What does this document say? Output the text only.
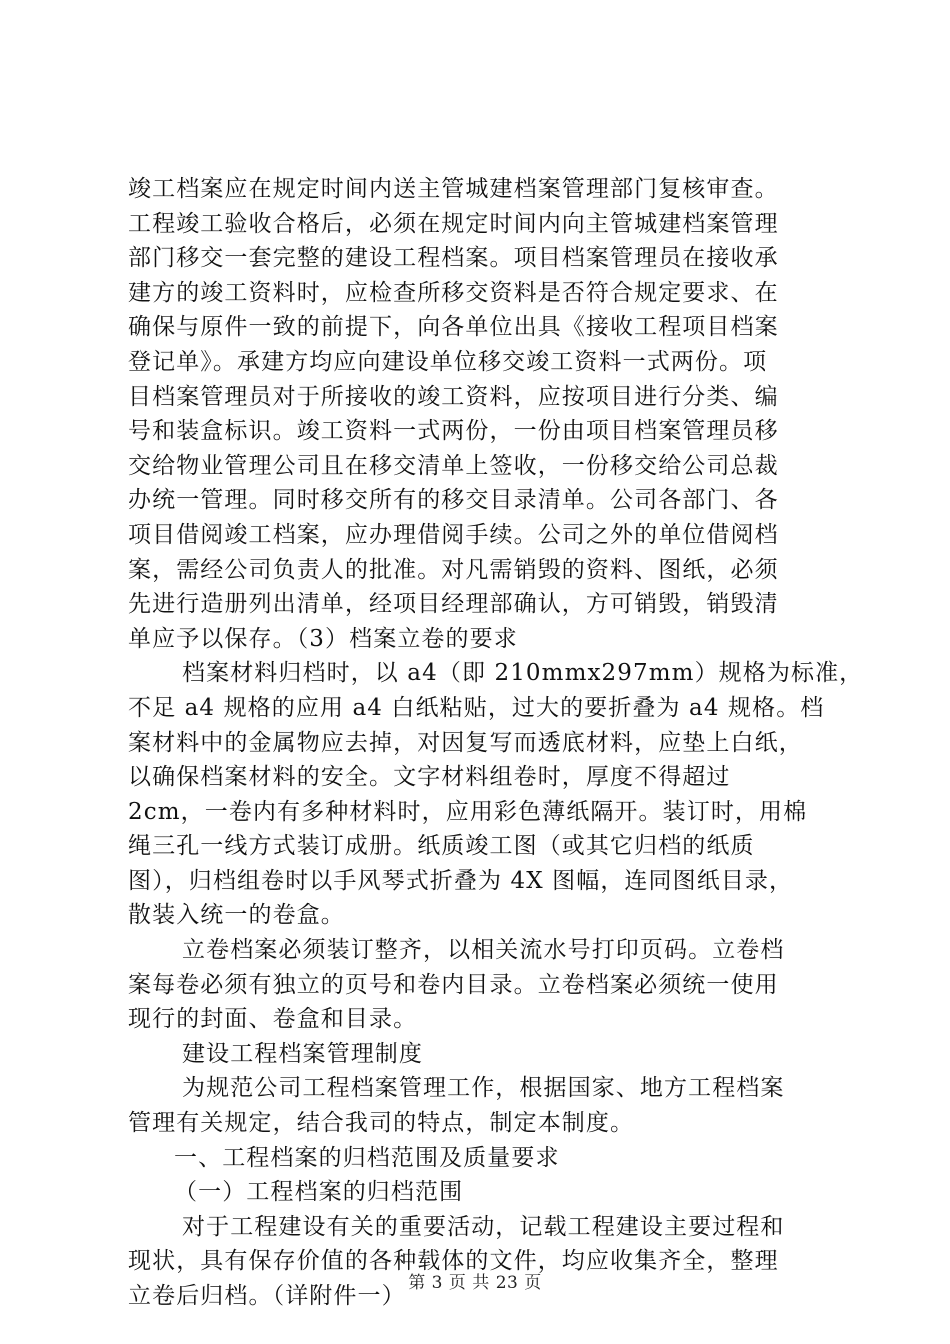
竣工档案应在规定时间内送主管城建档案管理部门复核审查。
工程竣工验收合格后，必须在规定时间内向主管城建档案管理
部门移交一套完整的建设工程档案。项目档案管理员在接收承
建方的竣工资料时，应检查所移交资料是否符合规定要求、在
确保与原件一致的前提下，向各单位出具《接收工程项目档案
登记单》。承建方均应向建设单位移交竣工资料一式两份。项
目档案管理员对于所接收的竣工资料，应按项目进行分类、编
号和装盒标识。竣工资料一式两份，一份由项目档案管理员移
交给物业管理公司且在移交清单上签收，一份移交给公司总裁
办统一管理。同时移交所有的移交目录清单。公司各部门、各
项目借阅竣工档案，应办理借阅手续。公司之外的单位借阅档
案，需经公司负责人的批准。对凡需销毁的资料、图纸，必须
先进行造册列出清单，经项目经理部确认，方可销毁，销毁清
单应予以保存。（3）档案立卷的要求
档案材料归档时，以 a4（即 210mmx297mm）规格为标准，
不足 a4 规格的应用 a4 白纸粘贴，过大的要折叠为 a4 规格。档
案材料中的金属物应去掉，对因复写而透底材料，应垫上白纸，
以确保档案材料的安全。文字材料组卷时，厚度不得超过
2cm，一卷内有多种材料时，应用彩色薄纸隔开。装订时，用棉
绳三孔一线方式装订成册。纸质竣工图（或其它归档的纸质
图），归档组卷时以手风琴式折叠为 4X 图幅，连同图纸目录，
散装入统一的卷盒。
立卷档案必须装订整齐，以相关流水号打印页码。立卷档
案每卷必须有独立的页号和卷内目录。立卷档案必须统一使用
现行的封面、卷盒和目录。
建设工程档案管理制度
为规范公司工程档案管理工作，根据国家、地方工程档案
管理有关规定，结合我司的特点，制定本制度。
一、工程档案的归档范围及质量要求
（一）工程档案的归档范围
对于工程建设有关的重要活动，记载工程建设主要过程和
现状，具有保存价值的各种载体的文件，均应收集齐全，整理
立卷后归档。（详附件一） 第 3 页 共 23 页
